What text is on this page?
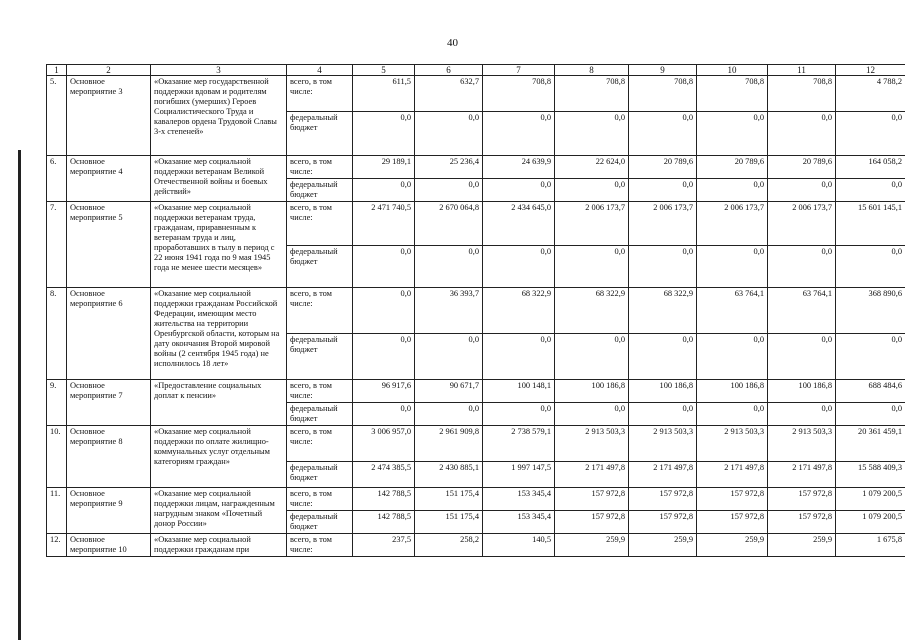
40
1	2	3	4	5	6	7	8	9	10	11	12
5.	Основное мероприятие 3	«Оказание мер государственной поддержки вдовам и родителям погибших (умерших) Героев Социалистического Труда и кавалеров ордена Трудовой Славы 3-х степеней»	всего, в том числе:	611,5	632,7	708,8	708,8	708,8	708,8	708,8	4 788,2
			федеральный бюджет	0,0	0,0	0,0	0,0	0,0	0,0	0,0	0,0
6.	Основное мероприятие 4	«Оказание мер социальной поддержки ветеранам Великой Отечественной войны и боевых действий»	всего, в том числе:	29 189,1	25 236,4	24 639,9	22 624,0	20 789,6	20 789,6	20 789,6	164 058,2
			федеральный бюджет	0,0	0,0	0,0	0,0	0,0	0,0	0,0	0,0
7.	Основное мероприятие 5	«Оказание мер социальной поддержки ветеранам труда, гражданам, приравненным к ветеранам труда и лиц, проработавших в тылу в период с 22 июня 1941 года по 9 мая 1945 года не менее шести месяцев»	всего, в том числе:	2 471 740,5	2 670 064,8	2 434 645,0	2 006 173,7	2 006 173,7	2 006 173,7	2 006 173,7	15 601 145,1
			федеральный бюджет	0,0	0,0	0,0	0,0	0,0	0,0	0,0	0,0
8.	Основное мероприятие 6	«Оказание мер социальной поддержки гражданам Российской Федерации, имеющим место жительства на территории Оренбургской области, которым на дату окончания Второй мировой войны (2 сентября 1945 года) не исполнилось 18 лет»	всего, в том числе:	0,0	36 393,7	68 322,9	68 322,9	68 322,9	63 764,1	63 764,1	368 890,6
			федеральный бюджет	0,0	0,0	0,0	0,0	0,0	0,0	0,0	0,0
9.	Основное мероприятие 7	«Предоставление социальных доплат к пенсии»	всего, в том числе:	96 917,6	90 671,7	100 148,1	100 186,8	100 186,8	100 186,8	100 186,8	688 484,6
			федеральный бюджет	0,0	0,0	0,0	0,0	0,0	0,0	0,0	0,0
10.	Основное мероприятие 8	«Оказание мер социальной поддержки по оплате жилищно-коммунальных услуг отдельным категориям граждан»	всего, в том числе:	3 006 957,0	2 961 909,8	2 738 579,1	2 913 503,3	2 913 503,3	2 913 503,3	2 913 503,3	20 361 459,1
			федеральный бюджет	2 474 385,5	2 430 885,1	1 997 147,5	2 171 497,8	2 171 497,8	2 171 497,8	2 171 497,8	15 588 409,3
11.	Основное мероприятие 9	«Оказание мер социальной поддержки лицам, награжденным нагрудным знаком «Почетный донор России»	всего, в том числе:	142 788,5	151 175,4	153 345,4	157 972,8	157 972,8	157 972,8	157 972,8	1 079 200,5
			федеральный бюджет	142 788,5	151 175,4	153 345,4	157 972,8	157 972,8	157 972,8	157 972,8	1 079 200,5
12.	Основное мероприятие 10	«Оказание мер социальной поддержки гражданам при	всего, в том числе:	237,5	258,2	140,5	259,9	259,9	259,9	259,9	1 675,8
